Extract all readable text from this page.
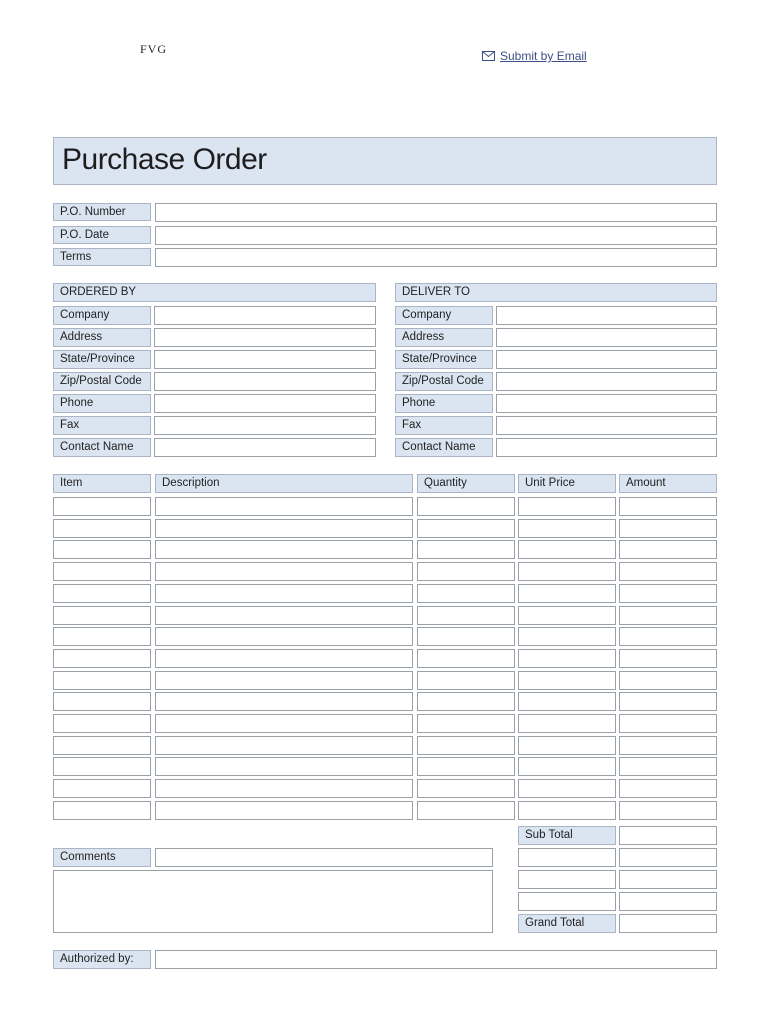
FVG	Submit by Email
Purchase Order
P.O. Number
P.O. Date
Terms
ORDERED BY	DELIVER TO
Company
Address
State/Province
Zip/Postal Code
Phone
Fax
Contact Name
Company
Address
State/Province
Zip/Postal Code
Phone
Fax
Contact Name
Item	Description	Quantity	Unit Price	Amount
Sub Total
Grand Total
Comments
Authorized by:
